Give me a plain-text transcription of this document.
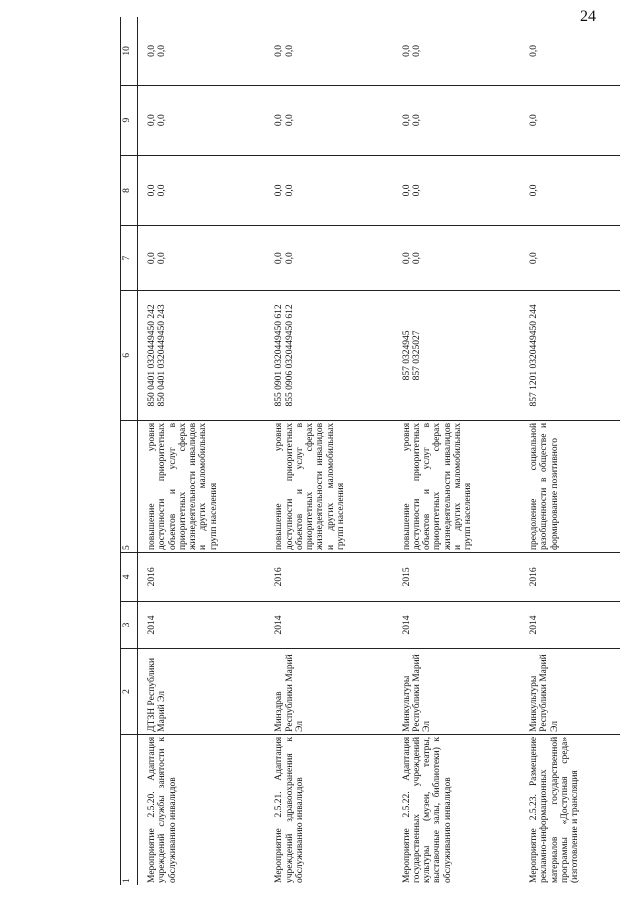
24
1	2	3	4	5	6	7	8	9	10

Мероприятие 2.5.20. Адаптация учреждений службы занятости к обслуживанию инвалидов	ДТЗН Республики Марий Эл	2014	2016	повышение уровня доступности приоритетных объектов и услуг в приоритетных сферах жизнедеятельности инвалидов и других маломобильных групп населения	850 0401 0320449450 242 850 0401 0320449450 243	0,0 0,0	0,0 0,0	0,0 0,0	0,0 0,0

Мероприятие 2.5.21. Адаптация учреждений здравоохранения к обслуживанию инвалидов	Минздрав Республики Марий Эл	2014	2016	повышение уровня доступности приоритетных объектов и услуг в приоритетных сферах жизнедеятельности инвалидов и других маломобильных групп населения	855 0901 0320449450 612 855 0906 0320449450 612	0,0 0,0	0,0 0,0	0,0 0,0	0,0 0,0

Мероприятие 2.5.22. Адаптация государственных учреждений культуры (музеи, театры, выставочные залы, библиотеки) к обслуживанию инвалидов	Минкультуры Республики Марий Эл	2014	2015	повышение уровня доступности приоритетных объектов и услуг в приоритетных сферах жизнедеятельности инвалидов и других маломобильных групп населения	857 0324945 857 0325027	0,0 0,0	0,0 0,0	0,0 0,0	0,0 0,0

Мероприятие 2.5.23. Размещение рекламно-информационных материалов государственной программы «Доступная среда» (изготовление и трансляция	Минкультуры Республики Марий Эл	2014	2016	преодоление социальной разобщенности в обществе и формирование позитивного	857 1201 0320449450 244	0,0	0,0	0,0	0,0
